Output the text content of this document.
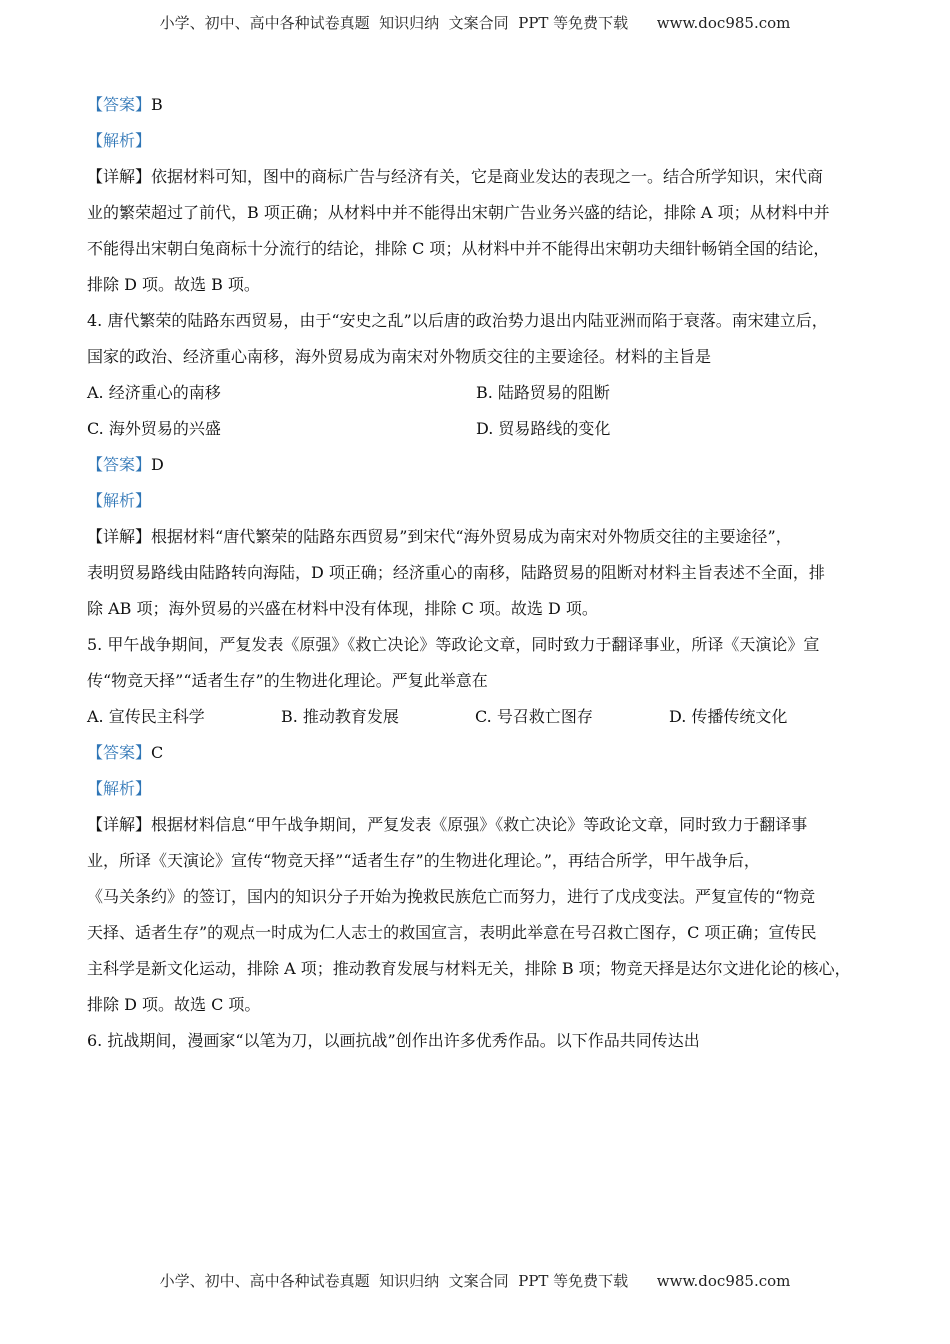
小学、初中、高中各种试卷真题  知识归纳  文案合同  PPT 等免费下载      www.doc985.com
【答案】B
【解析】
【详解】依据材料可知，图中的商标广告与经济有关，它是商业发达的表现之一。结合所学知识，宋代商
业的繁荣超过了前代，B 项正确；从材料中并不能得出宋朝广告业务兴盛的结论，排除 A 项；从材料中并
不能得出宋朝白兔商标十分流行的结论，排除 C 项；从材料中并不能得出宋朝功夫细针畅销全国的结论，
排除 D 项。故选 B 项。
4. 唐代繁荣的陆路东西贸易，由于“安史之乱”以后唐的政治势力退出内陆亚洲而陷于衰落。南宋建立后，
国家的政治、经济重心南移，海外贸易成为南宋对外物质交往的主要途径。材料的主旨是
A. 经济重心的南移	B. 陆路贸易的阻断
C. 海外贸易的兴盛	D. 贸易路线的变化
【答案】D
【解析】
【详解】根据材料“唐代繁荣的陆路东西贸易”到宋代“海外贸易成为南宋对外物质交往的主要途径”，
表明贸易路线由陆路转向海陆，D 项正确；经济重心的南移，陆路贸易的阻断对材料主旨表述不全面，排
除 AB 项；海外贸易的兴盛在材料中没有体现，排除 C 项。故选 D 项。
5. 甲午战争期间，严复发表《原强》《救亡决论》等政论文章，同时致力于翻译事业，所译《天演论》宣
传“物竞天择”“适者生存”的生物进化理论。严复此举意在
A. 宣传民主科学	B. 推动教育发展	C. 号召救亡图存	D. 传播传统文化
【答案】C
【解析】
【详解】根据材料信息“甲午战争期间，严复发表《原强》《救亡决论》等政论文章，同时致力于翻译事
业，所译《天演论》宣传“物竞天择”“适者生存”的生物进化理论。”，再结合所学，甲午战争后，
《马关条约》的签订，国内的知识分子开始为挽救民族危亡而努力，进行了戊戌变法。严复宣传的“物竞
天择、适者生存”的观点一时成为仁人志士的救国宣言，表明此举意在号召救亡图存，C 项正确；宣传民
主科学是新文化运动，排除 A 项；推动教育发展与材料无关，排除 B 项；物竞天择是达尔文进化论的核心，
排除 D 项。故选 C 项。
6. 抗战期间，漫画家“以笔为刀，以画抗战”创作出许多优秀作品。以下作品共同传达出
小学、初中、高中各种试卷真题  知识归纳  文案合同  PPT 等免费下载      www.doc985.com
